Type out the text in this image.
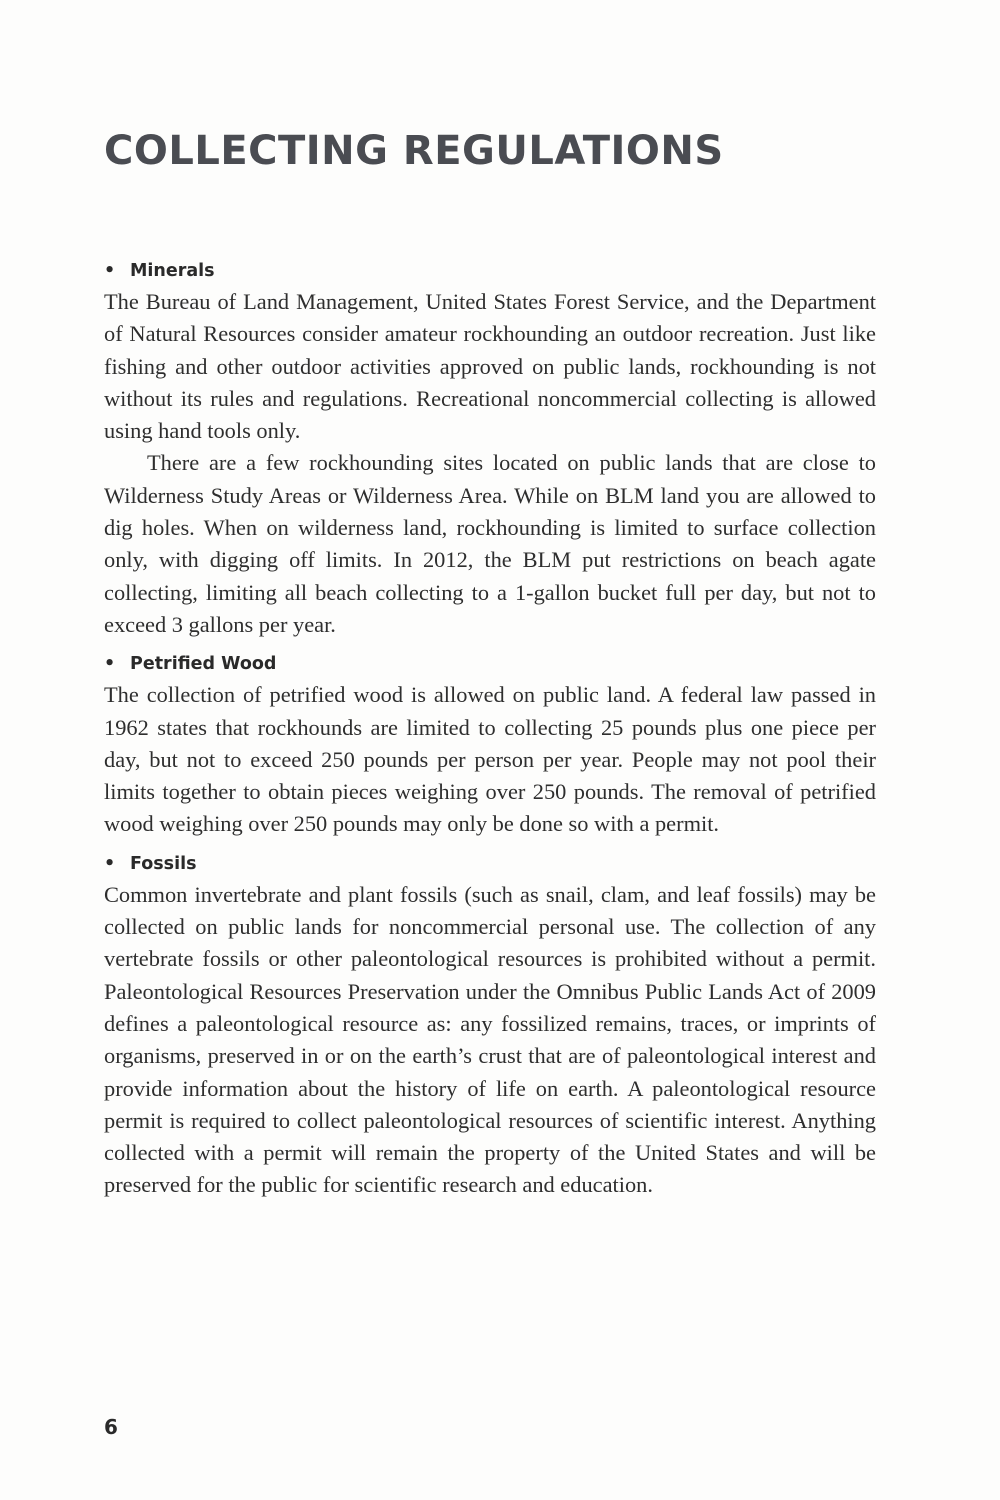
COLLECTING REGULATIONS
• Minerals

The Bureau of Land Management, United States Forest Service, and the Department of Natural Resources consider amateur rockhounding an outdoor recreation. Just like fishing and other outdoor activities approved on public lands, rockhounding is not without its rules and regulations. Recreational noncommercial collecting is allowed using hand tools only.

There are a few rockhounding sites located on public lands that are close to Wilderness Study Areas or Wilderness Area. While on BLM land you are allowed to dig holes. When on wilderness land, rockhounding is limited to surface collection only, with digging off limits. In 2012, the BLM put restrictions on beach agate collecting, limiting all beach collecting to a 1-gallon bucket full per day, but not to exceed 3 gallons per year.

• Petrified Wood

The collection of petrified wood is allowed on public land. A federal law passed in 1962 states that rockhounds are limited to collecting 25 pounds plus one piece per day, but not to exceed 250 pounds per person per year. People may not pool their limits together to obtain pieces weighing over 250 pounds. The removal of petrified wood weighing over 250 pounds may only be done so with a permit.

• Fossils

Common invertebrate and plant fossils (such as snail, clam, and leaf fossils) may be collected on public lands for noncommercial personal use. The collection of any vertebrate fossils or other paleontological resources is prohibited without a permit. Paleontological Resources Preservation under the Omnibus Public Lands Act of 2009 defines a paleontological resource as: any fossilized remains, traces, or imprints of organisms, preserved in or on the earth’s crust that are of paleontological interest and provide information about the history of life on earth. A paleontological resource permit is required to collect paleontological resources of scientific interest. Anything collected with a permit will remain the property of the United States and will be preserved for the public for scientific research and education.

6
